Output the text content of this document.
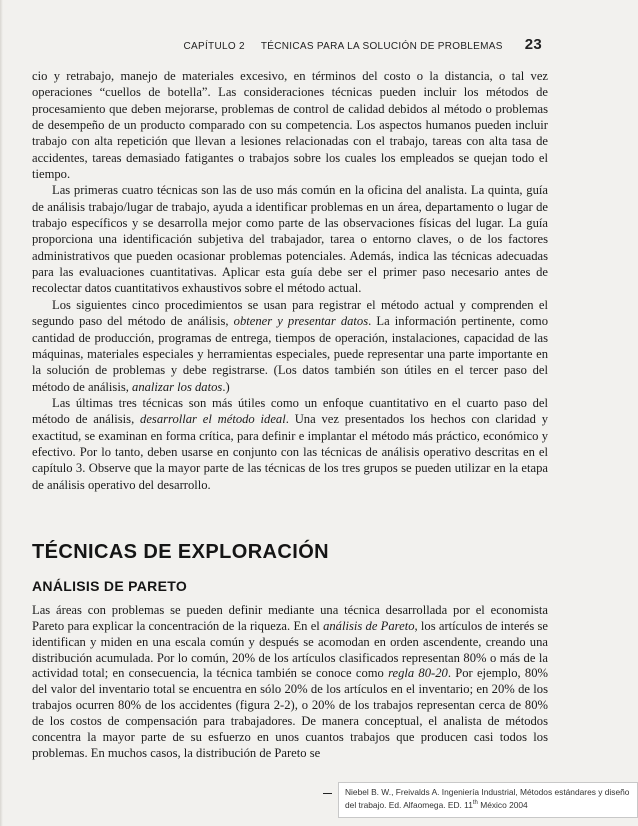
CAPÍTULO 2 TÉCNICAS PARA LA SOLUCIÓN DE PROBLEMAS 23

cio y retrabajo, manejo de materiales excesivo, en términos del costo o la distancia, o tal vez operaciones “cuellos de botella”. Las consideraciones técnicas pueden incluir los métodos de procesamiento que deben mejorarse, problemas de control de calidad debidos al método o problemas de desempeño de un producto comparado con su competencia. Los aspectos humanos pueden incluir trabajo con alta repetición que llevan a lesiones relacionadas con el trabajo, tareas con alta tasa de accidentes, tareas demasiado fatigantes o trabajos sobre los cuales los empleados se quejan todo el tiempo.

Las primeras cuatro técnicas son las de uso más común en la oficina del analista. La quinta, guía de análisis trabajo/lugar de trabajo, ayuda a identificar problemas en un área, departamento o lugar de trabajo específicos y se desarrolla mejor como parte de las observaciones físicas del lugar. La guía proporciona una identificación subjetiva del trabajador, tarea o entorno claves, o de los factores administrativos que pueden ocasionar problemas potenciales. Además, indica las técnicas adecuadas para las evaluaciones cuantitativas. Aplicar esta guía debe ser el primer paso necesario antes de recolectar datos cuantitativos exhaustivos sobre el método actual.

Los siguientes cinco procedimientos se usan para registrar el método actual y comprenden el segundo paso del método de análisis, obtener y presentar datos. La información pertinente, como cantidad de producción, programas de entrega, tiempos de operación, instalaciones, capacidad de las máquinas, materiales especiales y herramientas especiales, puede representar una parte importante en la solución de problemas y debe registrarse. (Los datos también son útiles en el tercer paso del método de análisis, analizar los datos.)

Las últimas tres técnicas son más útiles como un enfoque cuantitativo en el cuarto paso del método de análisis, desarrollar el método ideal. Una vez presentados los hechos con claridad y exactitud, se examinan en forma crítica, para definir e implantar el método más práctico, económico y efectivo. Por lo tanto, deben usarse en conjunto con las técnicas de análisis operativo descritas en el capítulo 3. Observe que la mayor parte de las técnicas de los tres grupos se pueden utilizar en la etapa de análisis operativo del desarrollo.

TÉCNICAS DE EXPLORACIÓN
ANÁLISIS DE PARETO

Las áreas con problemas se pueden definir mediante una técnica desarrollada por el economista Pareto para explicar la concentración de la riqueza. En el análisis de Pareto, los artículos de interés se identifican y miden en una escala común y después se acomodan en orden ascendente, creando una distribución acumulada. Por lo común, 20% de los artículos clasificados representan 80% o más de la actividad total; en consecuencia, la técnica también se conoce como regla 80-20. Por ejemplo, 80% del valor del inventario total se encuentra en sólo 20% de los artículos en el inventario; en 20% de los trabajos ocurren 80% de los accidentes (figura 2-2), o 20% de los trabajos representan cerca de 80% de los costos de compensación para trabajadores. De manera conceptual, el analista de métodos concentra la mayor parte de su esfuerzo en unos cuantos trabajos que producen casi todos los problemas. En muchos casos, la distribución de Pareto se

Niebel B. W., Freivalds A. Ingeniería Industrial, Métodos estándares y diseño del trabajo. Ed. Alfaomega. ED. 11th México 2004
